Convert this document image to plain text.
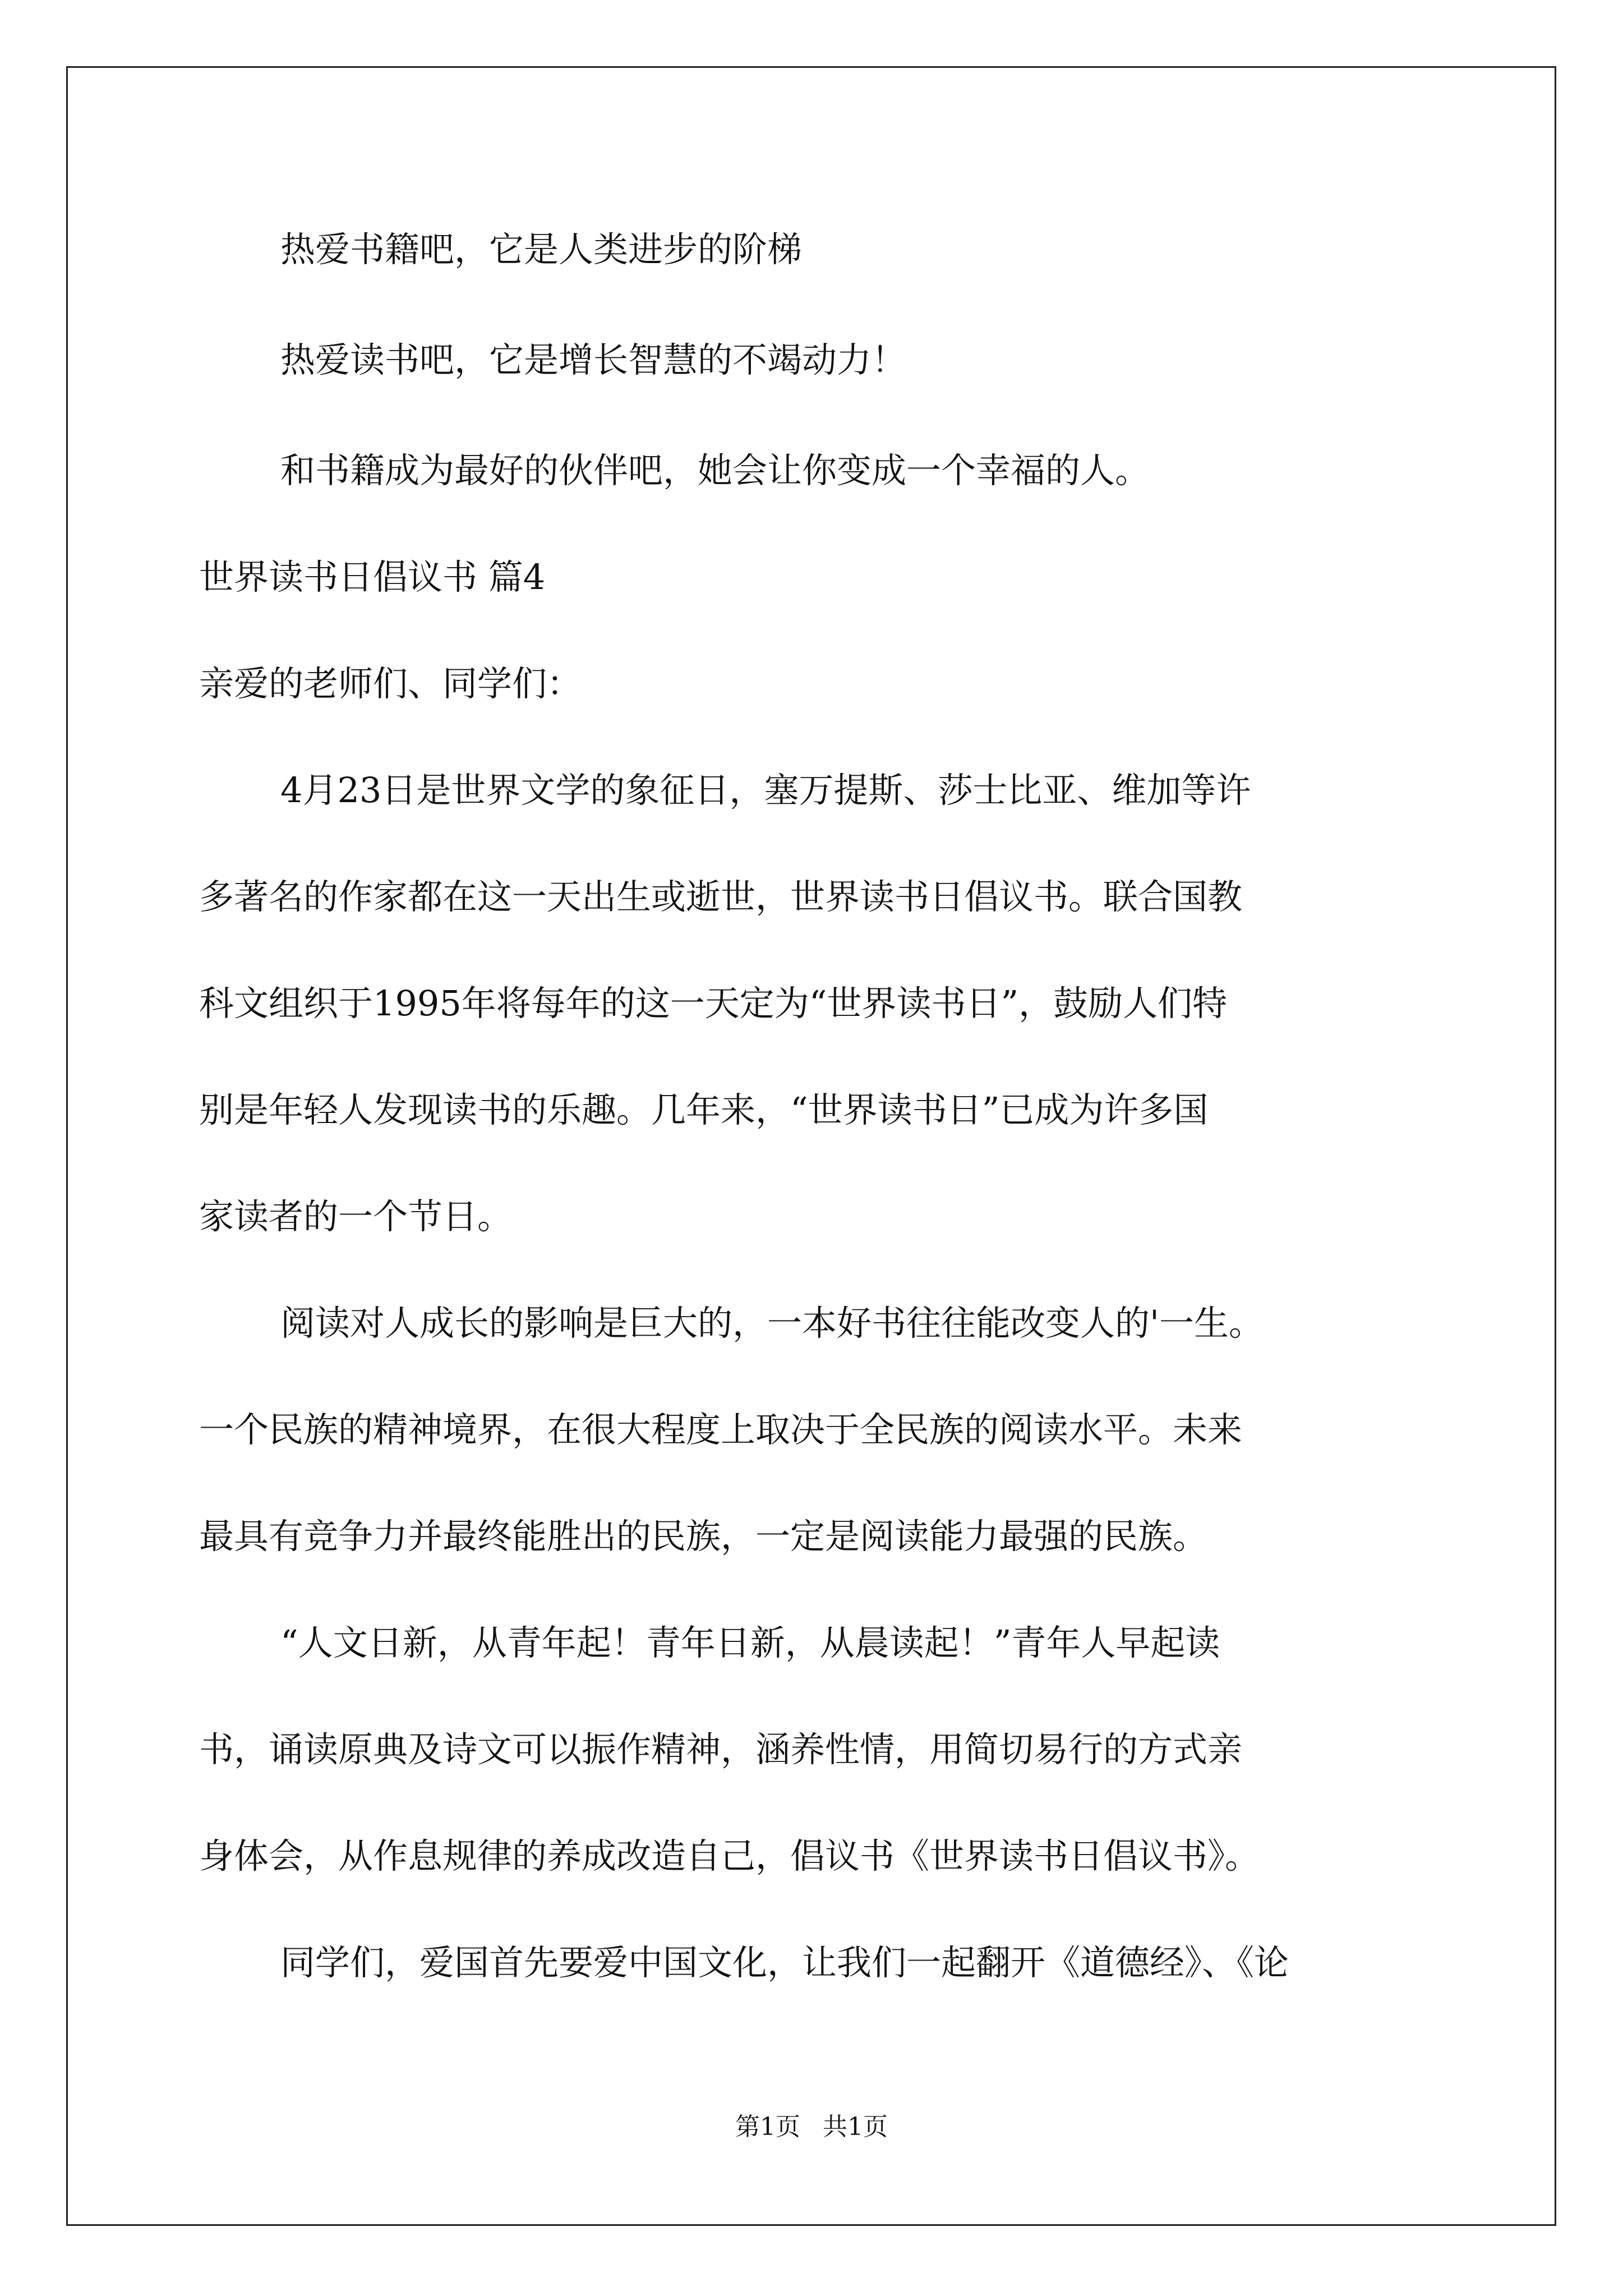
热爱书籍吧，它是人类进步的阶梯

热爱读书吧，它是增长智慧的不竭动力！

和书籍成为最好的伙伴吧，她会让你变成一个幸福的人。

世界读书日倡议书 篇4

亲爱的老师们、同学们：

4月23日是世界文学的象征日，塞万提斯、莎士比亚、维加等许

多著名的作家都在这一天出生或逝世，世界读书日倡议书。联合国教

科文组织于1995年将每年的这一天定为“世界读书日”，鼓励人们特

别是年轻人发现读书的乐趣。几年来，“世界读书日”已成为许多国

家读者的一个节日。

阅读对人成长的影响是巨大的，一本好书往往能改变人的'一生。

一个民族的精神境界，在很大程度上取决于全民族的阅读水平。未来

最具有竞争力并最终能胜出的民族，一定是阅读能力最强的民族。

“人文日新，从青年起！青年日新，从晨读起！”青年人早起读

书，诵读原典及诗文可以振作精神，涵养性情，用简切易行的方式亲

身体会，从作息规律的养成改造自己，倡议书《世界读书日倡议书》。

同学们，爱国首先要爱中国文化，让我们一起翻开《道德经》、《论

第1页 共1页
